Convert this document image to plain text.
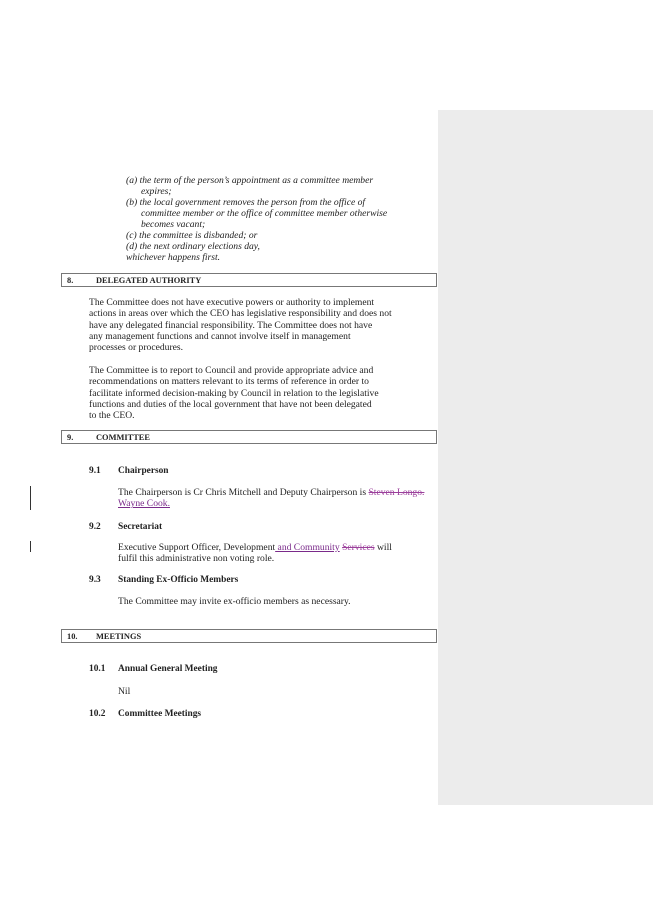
(a) the term of the person’s appointment as a committee member
expires;
(b) the local government removes the person from the office of
committee member or the office of committee member otherwise
becomes vacant;
(c) the committee is disbanded; or
(d) the next ordinary elections day,
whichever happens first.
8.	DELEGATED AUTHORITY
The Committee does not have executive powers or authority to implement
actions in areas over which the CEO has legislative responsibility and does not
have any delegated financial responsibility. The Committee does not have
any management functions and cannot involve itself in management
processes or procedures.
The Committee is to report to Council and provide appropriate advice and
recommendations on matters relevant to its terms of reference in order to
facilitate informed decision-making by Council in relation to the legislative
functions and duties of the local government that have not been delegated
to the CEO.
9.	COMMITTEE
9.1 Chairperson
The Chairperson is Cr Chris Mitchell and Deputy Chairperson is Steven Longo. Wayne Cook.
9.2 Secretariat
Executive Support Officer, Development and Community Services will
fulfil this administrative non voting role.
9.3 Standing Ex-Officio Members
The Committee may invite ex-officio members as necessary.
10. MEETINGS
10.1 Annual General Meeting
Nil
10.2 Committee Meetings
